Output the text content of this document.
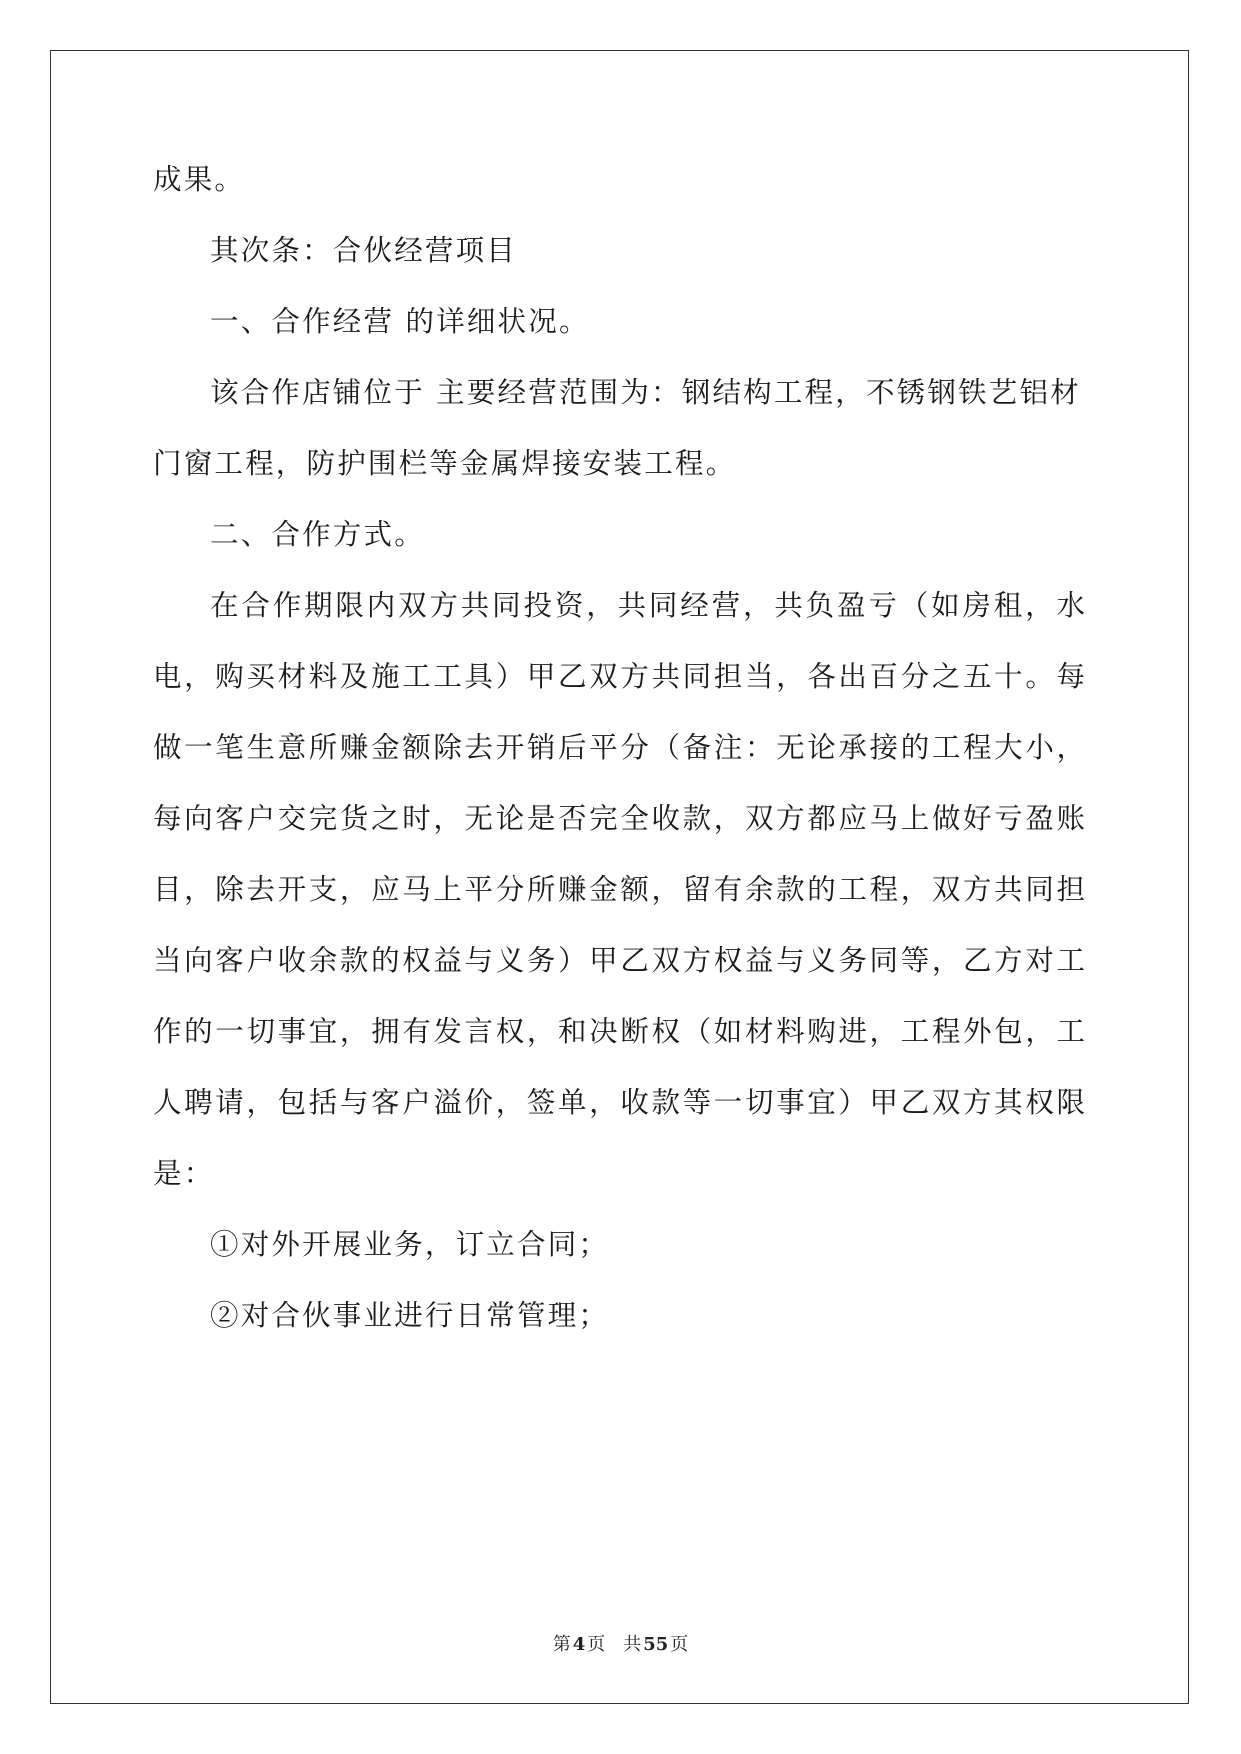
成果。
其次条：合伙经营项目
一、合作经营 的详细状况。
该合作店铺位于 主要经营范围为：钢结构工程，不锈钢铁艺铝材
门窗工程，防护围栏等金属焊接安装工程。
二、合作方式。
在合作期限内双方共同投资，共同经营，共负盈亏（如房租，水
电，购买材料及施工工具）甲乙双方共同担当，各出百分之五十。每
做一笔生意所赚金额除去开销后平分（备注：无论承接的工程大小，
每向客户交完货之时，无论是否完全收款，双方都应马上做好亏盈账
目，除去开支，应马上平分所赚金额，留有余款的工程，双方共同担
当向客户收余款的权益与义务）甲乙双方权益与义务同等，乙方对工
作的一切事宜，拥有发言权，和决断权（如材料购进，工程外包，工
人聘请，包括与客户溢价，签单，收款等一切事宜）甲乙双方其权限
是：
①对外开展业务，订立合同；
②对合伙事业进行日常管理；
第 4 页 共 55 页
